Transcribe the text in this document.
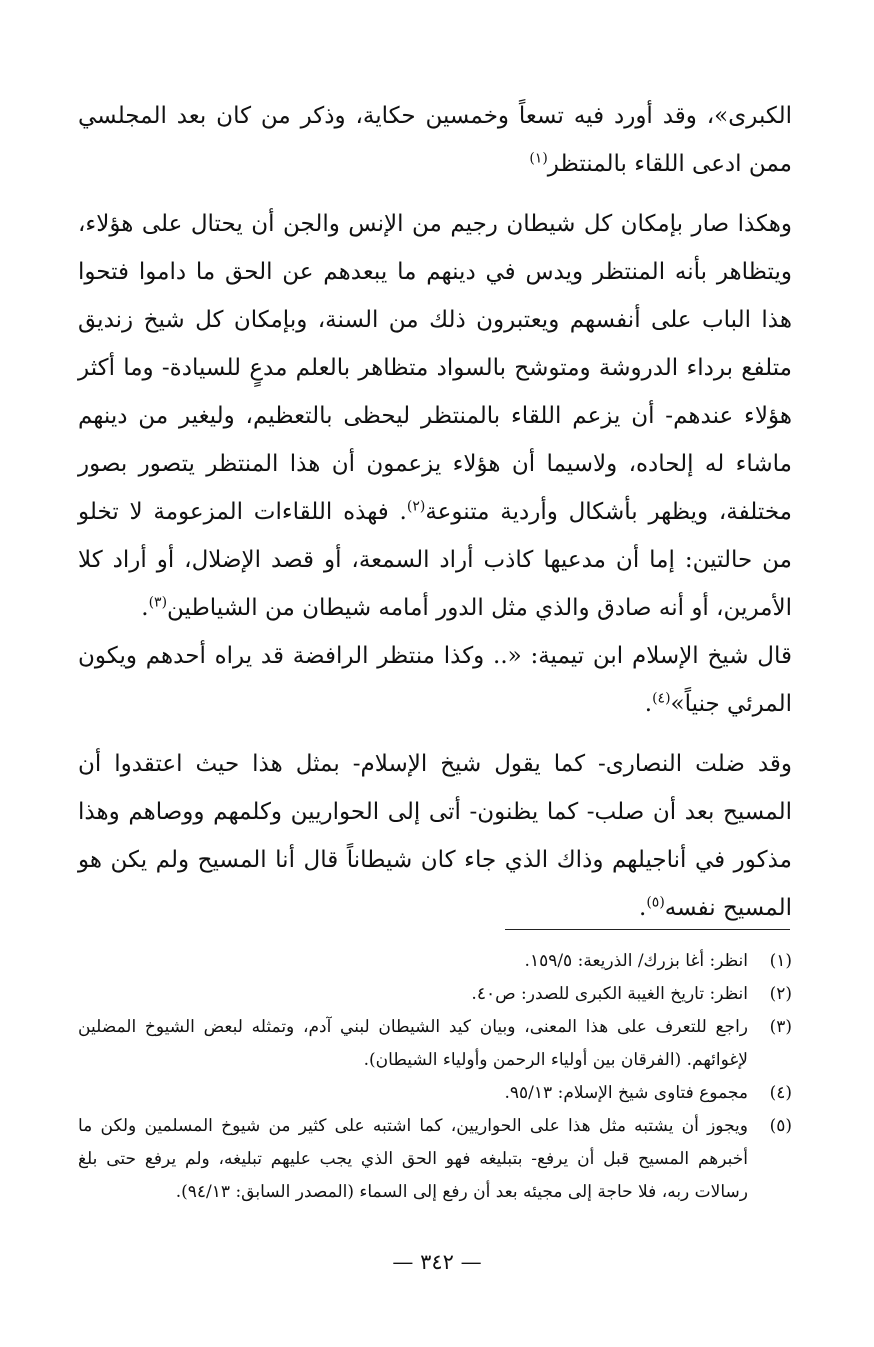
الكبرى»، وقد أورد فيه تسعاً وخمسين حكاية، وذكر من كان بعد المجلسي ممن ادعى اللقاء بالمنتظر$^{(١)}$

وهكذا صار بإمكان كل شيطان رجيم من الإنس والجن أن يحتال على هؤلاء، ويتظاهر بأنه المنتظر ويدس في دينهم ما يبعدهم عن الحق ما داموا فتحوا هذا الباب على أنفسهم ويعتبرون ذلك من السنة، وبإمكان كل شيخ زنديق متلفع برداء الدروشة ومتوشح بالسواد متظاهر بالعلم مدعٍ للسيادة- وما أكثر هؤلاء عندهم- أن يزعم اللقاء بالمنتظر ليحظى بالتعظيم، وليغير من دينهم ماشاء له إلحاده، ولاسيما أن هؤلاء يزعمون أن هذا المنتظر يتصور بصور مختلفة، ويظهر بأشكال وأردية متنوعة$^{(٢)}$. فهذه اللقاءات المزعومة لا تخلو من حالتين: إما أن مدعيها كاذب أراد السمعة، أو قصد الإضلال، أو أراد كلا الأمرين، أو أنه صادق والذي مثل الدور أمامه شيطان من الشياطين$^{(٣)}$.

قال شيخ الإسلام ابن تيمية: «.. وكذا منتظر الرافضة قد يراه أحدهم ويكون المرئي جنياً»$^{(٤)}$.

وقد ضلت النصارى- كما يقول شيخ الإسلام- بمثل هذا حيث اعتقدوا أن المسيح بعد أن صلب- كما يظنون- أتى إلى الحواريين وكلمهم ووصاهم وهذا مذكور في أناجيلهم وذاك الذي جاء كان شيطاناً قال أنا المسيح ولم يكن هو المسيح نفسه$^{(٥)}$.

(١)
انظر: أغا بزرك/ الذريعة: ١٥٩/٥.
(٢)
انظر: تاريخ الغيبة الكبرى للصدر: ص٤٠.
(٣)
راجع للتعرف على هذا المعنى، وبيان كيد الشيطان لبني آدم، وتمثله لبعض الشيوخ المضلين لإغوائهم. (الفرقان بين أولياء الرحمن وأولياء الشيطان).
(٤)
مجموع فتاوى شيخ الإسلام: ٩٥/١٣.
(٥)
ويجوز أن يشتبه مثل هذا على الحواريين، كما اشتبه على كثير من شيوخ المسلمين ولكن ما أخبرهم المسيح قبل أن يرفع- بتبليغه فهو الحق الذي يجب عليهم تبليغه، ولم يرفع حتى بلغ رسالات ربه، فلا حاجة إلى مجيئه بعد أن رفع إلى السماء (المصدر السابق: ٩٤/١٣).
— ٣٤٢ —
